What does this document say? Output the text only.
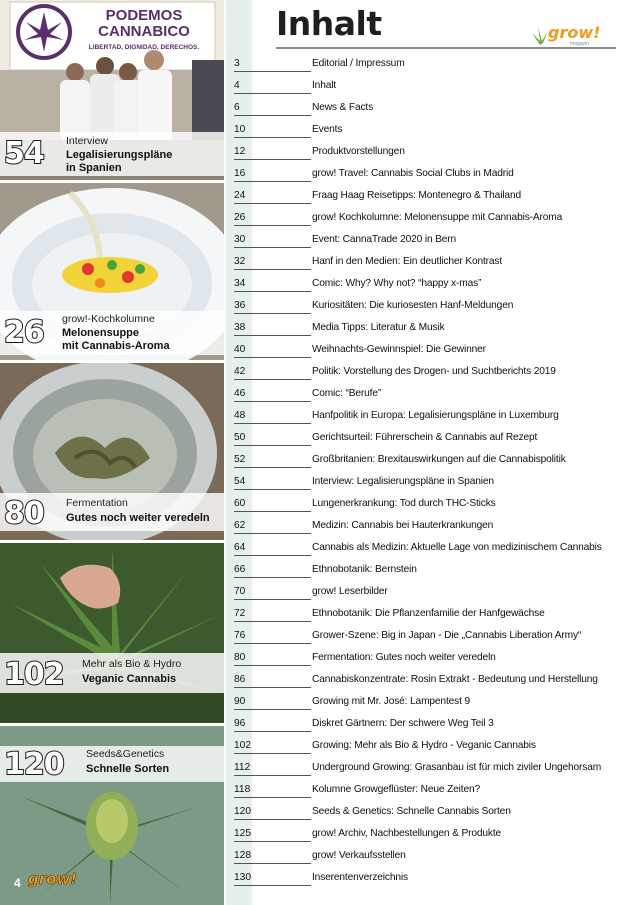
PODEMOS
CANNABICO
LIBERTAD, DIGNIDAD, DERECHOS.
54 Interview
Legalisierungspläne
in Spanien
26 grow!-Kochkolumne
Melonensuppe
mit Cannabis-Aroma
80 Fermentation
Gutes noch weiter veredeln
102 Mehr als Bio & Hydro
Veganic Cannabis
120 Seeds&Genetics
Schnelle Sorten
4 grow!
Inhalt	grow!
magazin
3	Editorial / Impressum
4	Inhalt
6	News & Facts
10	Events
12	Produktvorstellungen
16	grow! Travel: Cannabis Social Clubs in Madrid
24	Fraag Haag Reisetipps: Montenegro & Thailand
26	grow! Kochkolumne: Melonensuppe mit Cannabis-Aroma
30	Event: CannaTrade 2020 in Bern
32	Hanf in den Medien: Ein deutlicher Kontrast
34	Comic: Why? Why not? “happy x-mas”
36	Kuriositäten: Die kuriosesten Hanf-Meldungen
38	Media Tipps: Literatur & Musik
40	Weihnachts-Gewinnspiel: Die Gewinner
42	Politik: Vorstellung des Drogen- und Suchtberichts 2019
46	Comic: “Berufe”
48	Hanfpolitik in Europa: Legalisierungspläne in Luxemburg
50	Gerichtsurteil: Führerschein & Cannabis auf Rezept
52	Großbritanien: Brexitauswirkungen auf die Cannabispolitik
54	Interview: Legalisierungspläne in Spanien
60	Lungenerkrankung: Tod durch THC-Sticks
62	Medizin: Cannabis bei Hauterkrankungen
64	Cannabis als Medizin: Aktuelle Lage von medizinischem Cannabis
66	Ethnobotanik: Bernstein
70	grow! Leserbilder
72	Ethnobotanik: Die Pflanzenfamilie der Hanfgewächse
76	Grower-Szene: Big in Japan - Die „Cannabis Liberation Army“
80	Fermentation: Gutes noch weiter veredeln
86	Cannabiskonzentrate: Rosin Extrakt - Bedeutung und Herstellung
90	Growing mit Mr. José: Lampentest 9
96	Diskret Gärtnern: Der schwere Weg Teil 3
102	Growing: Mehr als Bio & Hydro - Veganic Cannabis
112	Underground Growing: Grasanbau ist für mich ziviler Ungehorsam
118	Kolumne Growgeflüster: Neue Zeiten?
120	Seeds & Genetics: Schnelle Cannabis Sorten
125	grow! Archiv, Nachbestellungen & Produkte
128	grow! Verkaufsstellen
130	Inserentenverzeichnis
